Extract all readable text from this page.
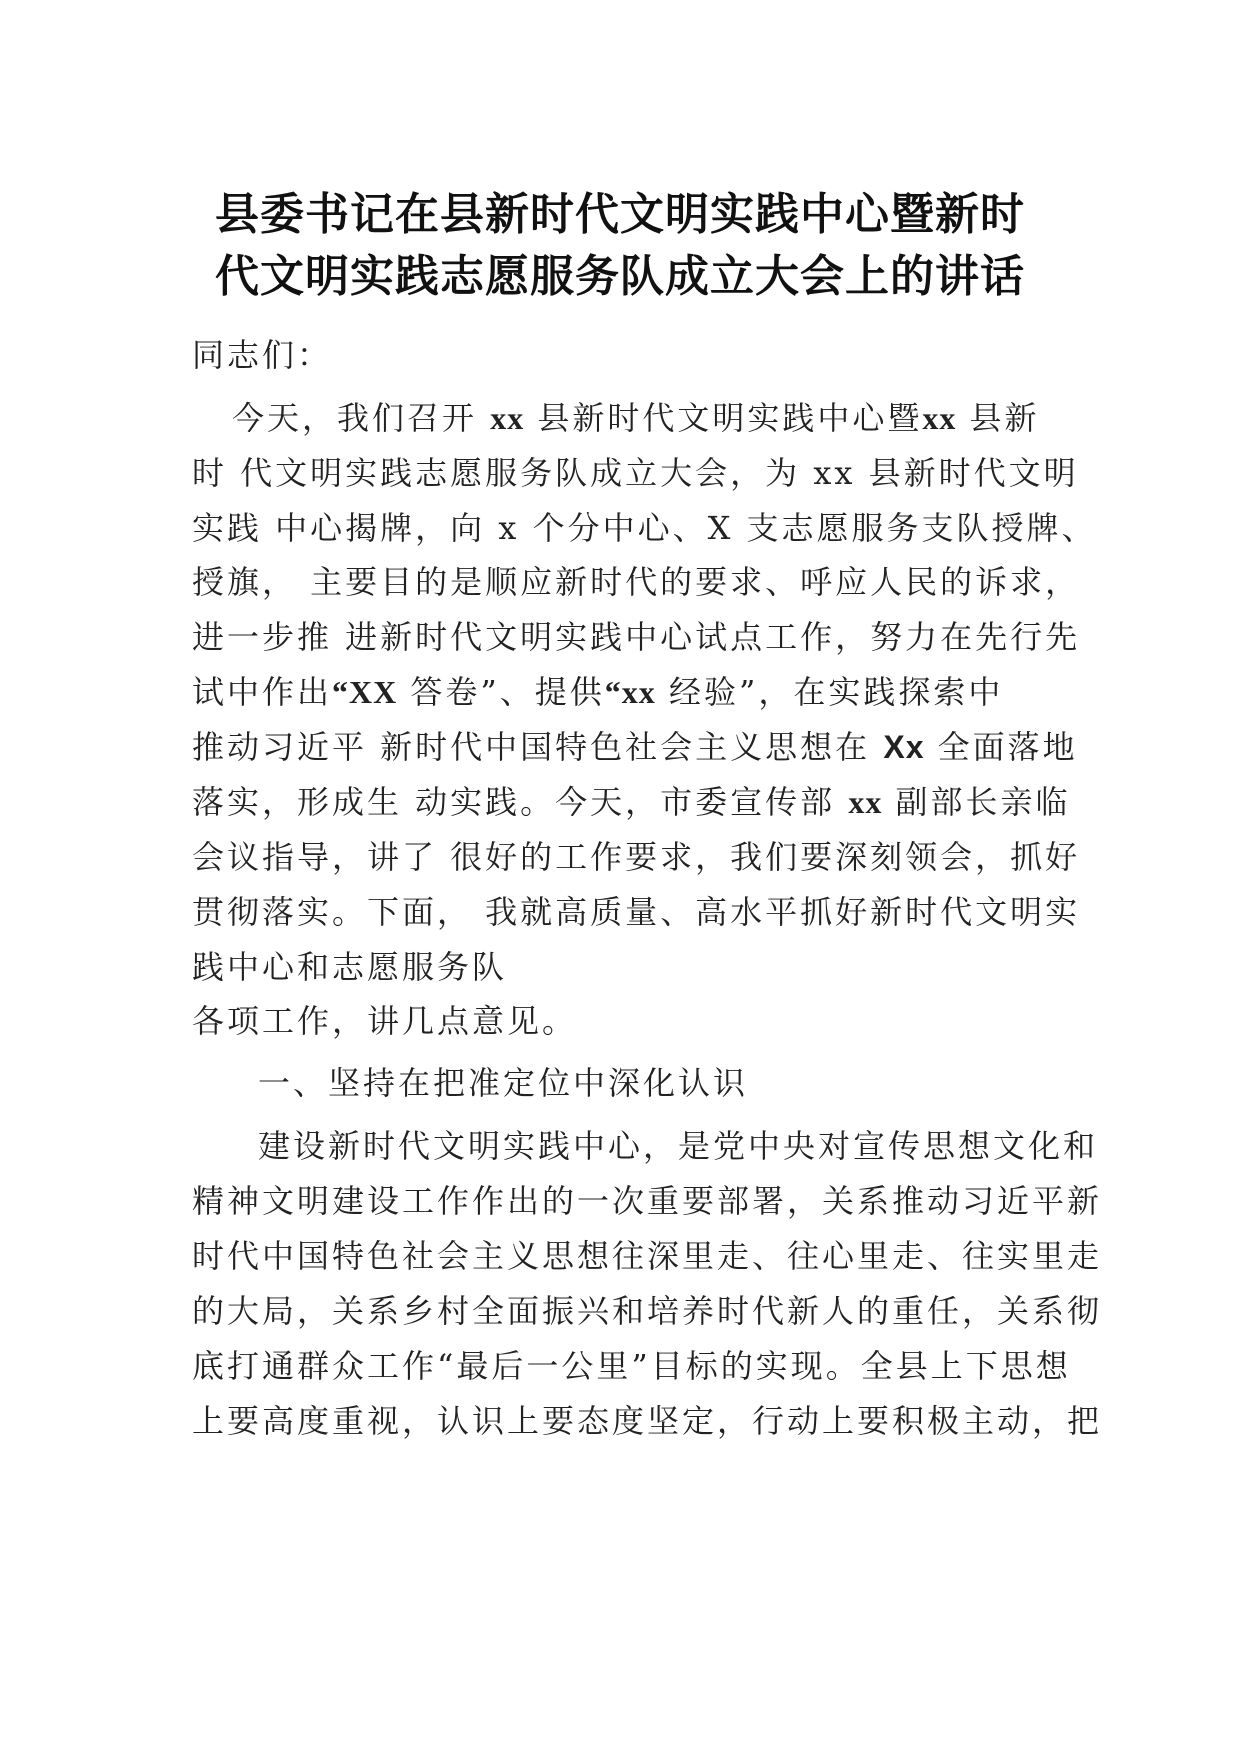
县委书记在县新时代文明实践中心暨新时
代文明实践志愿服务队成立大会上的讲话
同志们：
今天，我们召开 xx 县新时代文明实践中心暨xx 县新
时 代文明实践志愿服务队成立大会，为 xx 县新时代文明
实践 中心揭牌，向 x 个分中心、X 支志愿服务支队授牌、
授旗， 主要目的是顺应新时代的要求、呼应人民的诉求，
进一步推 进新时代文明实践中心试点工作，努力在先行先
试中作出“XX 答卷”、提供“xx 经验”，在实践探索中
推动习近平 新时代中国特色社会主义思想在 Xx 全面落地
落实，形成生 动实践。今天，市委宣传部 xx 副部长亲临
会议指导，讲了 很好的工作要求，我们要深刻领会，抓好
贯彻落实。下面， 我就高质量、高水平抓好新时代文明实
践中心和志愿服务队
各项工作，讲几点意见。
一、坚持在把准定位中深化认识
建设新时代文明实践中心，是党中央对宣传思想文化和
精神文明建设工作作出的一次重要部署，关系推动习近平新
时代中国特色社会主义思想往深里走、往心里走、往实里走
的大局，关系乡村全面振兴和培养时代新人的重任，关系彻
底打通群众工作“最后一公里”目标的实现。全县上下思想
上要高度重视，认识上要态度坚定，行动上要积极主动，把
